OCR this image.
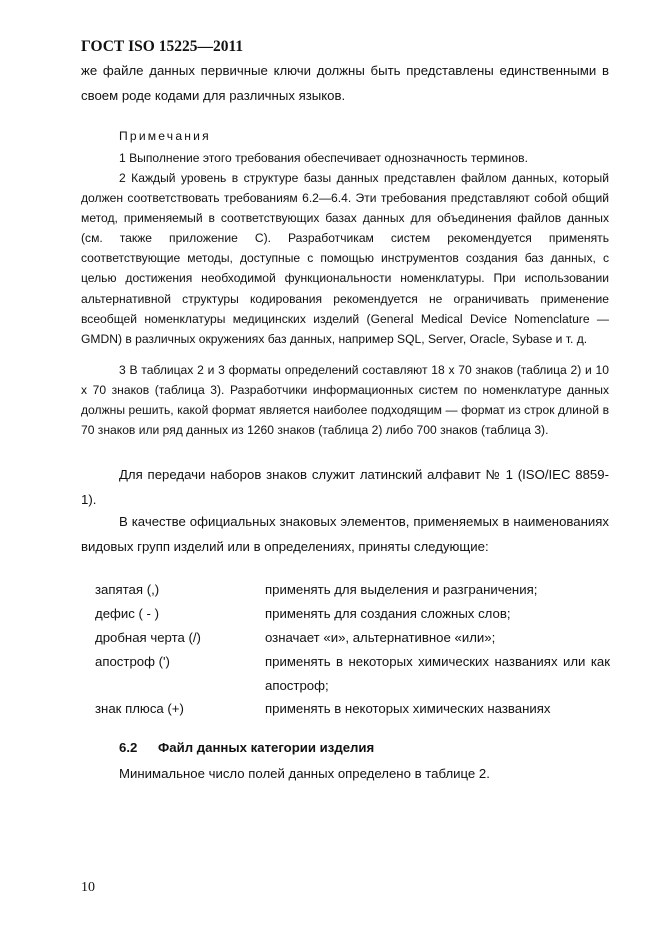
ГОСТ ISO 15225—2011

же файле данных первичные ключи должны быть представлены единственными в своем роде кодами для различных языков.

Примечания

1 Выполнение этого требования обеспечивает однозначность терминов.

2 Каждый уровень в структуре базы данных представлен файлом данных, который должен соответствовать требованиям 6.2—6.4. Эти требования представляют собой общий метод, применяемый в соответствующих базах данных для объединения файлов данных (см. также приложение С). Разработчикам систем рекомендуется применять соответствующие методы, доступные с помощью инструментов создания баз данных, с целью достижения необходимой функциональности номенклатуры. При использовании альтернативной структуры кодирования рекомендуется не ограничивать применение всеобщей номенклатуры медицинских изделий (General Medical Device Nomenclature — GMDN) в различных окружениях баз данных, например SQL, Server, Oracle, Sybase и т. д.

3 В таблицах 2 и 3 форматы определений составляют 18 x 70 знаков (таблица 2) и 10 x 70 знаков (таблица 3). Разработчики информационных систем по номенклатуре данных должны решить, какой формат является наиболее подходящим — формат из строк длиной в 70 знаков или ряд данных из 1260 знаков (таблица 2) либо 700 знаков (таблица 3).

Для передачи наборов знаков служит латинский алфавит № 1 (ISO/IEC 8859-1).

В качестве официальных знаковых элементов, применяемых в наименованиях видовых групп изделий или в определениях, приняты следующие:

запятая (,)	применять для выделения и разграничения;
дефис ( - )	применять для создания сложных слов;
дробная черта (/)	означает «и», альтернативное «или»;
апостроф (')	применять в некоторых химических названиях или как апостроф;
знак плюса (+)	применять в некоторых химических названиях
6.2 Файл данных категории изделия

Минимальное число полей данных определено в таблице 2.

10
